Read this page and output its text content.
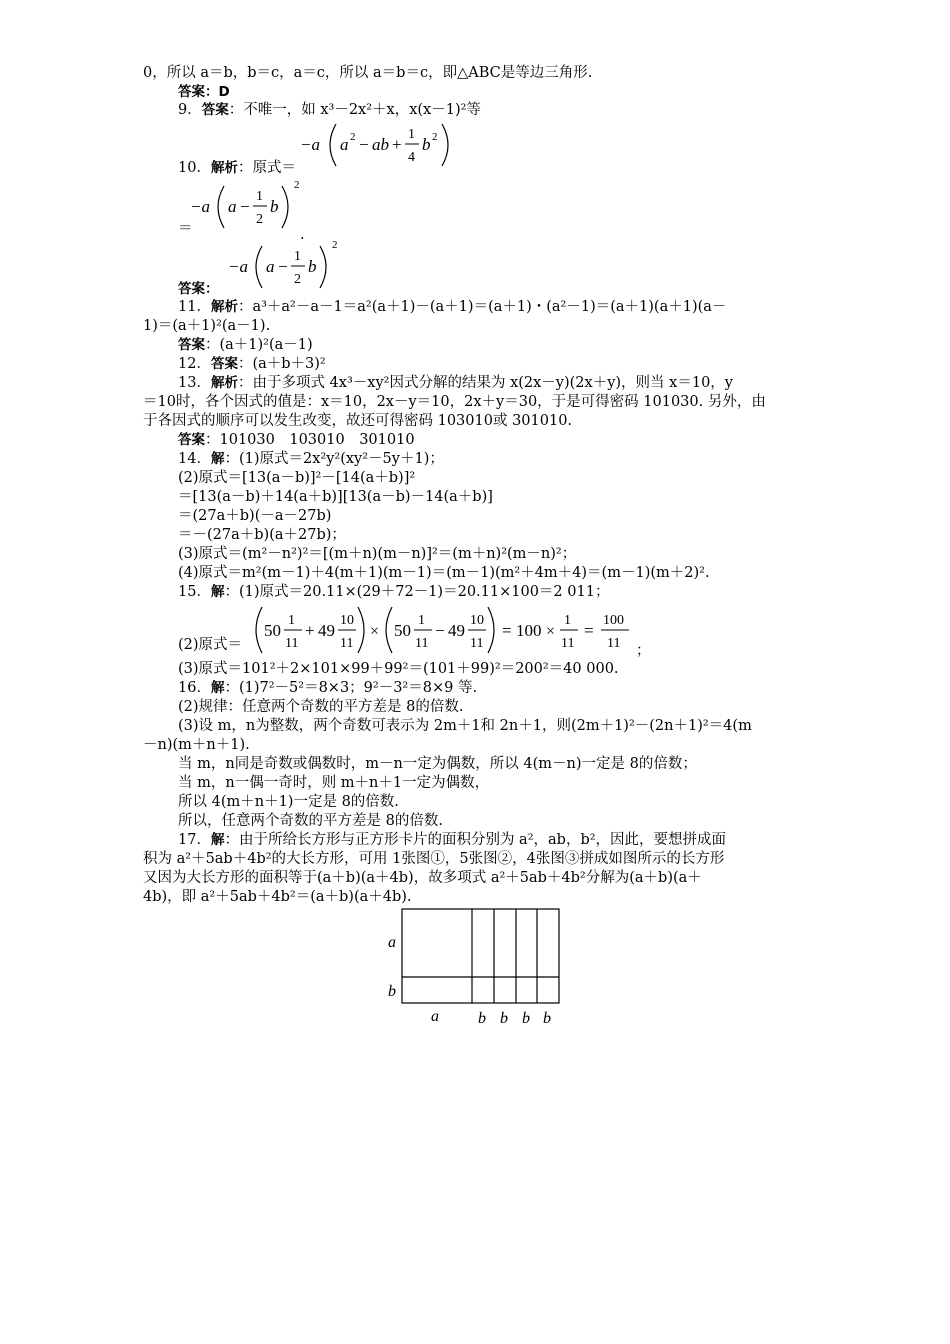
0，所以 a＝b，b＝c，a＝c，所以 a＝b＝c，即△ABC是等边三角形.
答案：D
9．答案：不唯一，如 x³－2x²＋x，x(x－1)²等
10．解析：原式＝
＝	.
答案：
11．解析：a³＋a²－a－1＝a²(a＋1)－(a＋1)＝(a＋1)・(a²－1)＝(a＋1)(a＋1)(a－
1)＝(a＋1)²(a－1).
答案：(a＋1)²(a－1)
12．答案：(a＋b＋3)²
13．解析：由于多项式 4x³－xy²因式分解的结果为 x(2x－y)(2x＋y)，则当 x＝10，y
＝10时，各个因式的值是：x＝10，2x－y＝10，2x＋y＝30，于是可得密码 101030. 另外，由
于各因式的顺序可以发生改变，故还可得密码 103010或 301010.
答案：101030　103010　301010
14．解：(1)原式＝2x²y²(xy²－5y＋1)；
(2)原式＝[13(a－b)]²－[14(a＋b)]²
＝[13(a－b)＋14(a＋b)][13(a－b)－14(a＋b)]
＝(27a＋b)(－a－27b)
＝－(27a＋b)(a＋27b)；
(3)原式＝(m²－n²)²＝[(m＋n)(m－n)]²＝(m＋n)²(m－n)²；
(4)原式＝m²(m－1)＋4(m＋1)(m－1)＝(m－1)(m²＋4m＋4)＝(m－1)(m＋2)².
15．解：(1)原式＝20.11×(29＋72－1)＝20.11×100＝2 011；
(2)原式＝	；
(3)原式＝101²＋2×101×99＋99²＝(101＋99)²＝200²＝40 000.
16．解：(1)7²－5²＝8×3；9²－3²＝8×9 等.
(2)规律：任意两个奇数的平方差是 8的倍数.
(3)设 m，n为整数，两个奇数可表示为 2m＋1和 2n＋1，则(2m＋1)²－(2n＋1)²＝4(m
－n)(m＋n＋1).
当 m，n同是奇数或偶数时，m－n一定为偶数，所以 4(m－n)一定是 8的倍数；
当 m，n一偶一奇时，则 m＋n＋1一定为偶数，
所以 4(m＋n＋1)一定是 8的倍数.
所以，任意两个奇数的平方差是 8的倍数.
17．解：由于所给长方形与正方形卡片的面积分别为 a²，ab，b²，因此，要想拼成面
积为 a²＋5ab＋4b²的大长方形，可用 1张图①，5张图②，4张图③拼成如图所示的长方形
又因为大长方形的面积等于(a＋b)(a＋4b)，故多项式 a²＋5ab＋4b²分解为(a＋b)(a＋
4b)，即 a²＋5ab＋4b²＝(a＋b)(a＋4b).
−a a 2 − ab +
1
4
b 2
−a a −
1
2
b
2
−a a −
1
2
b
2
50
1
11
+ 49
10
11
× 50
1
11
− 49
10
11
= 100 ×
1
11
=
100
11
a
b
a b b b b
